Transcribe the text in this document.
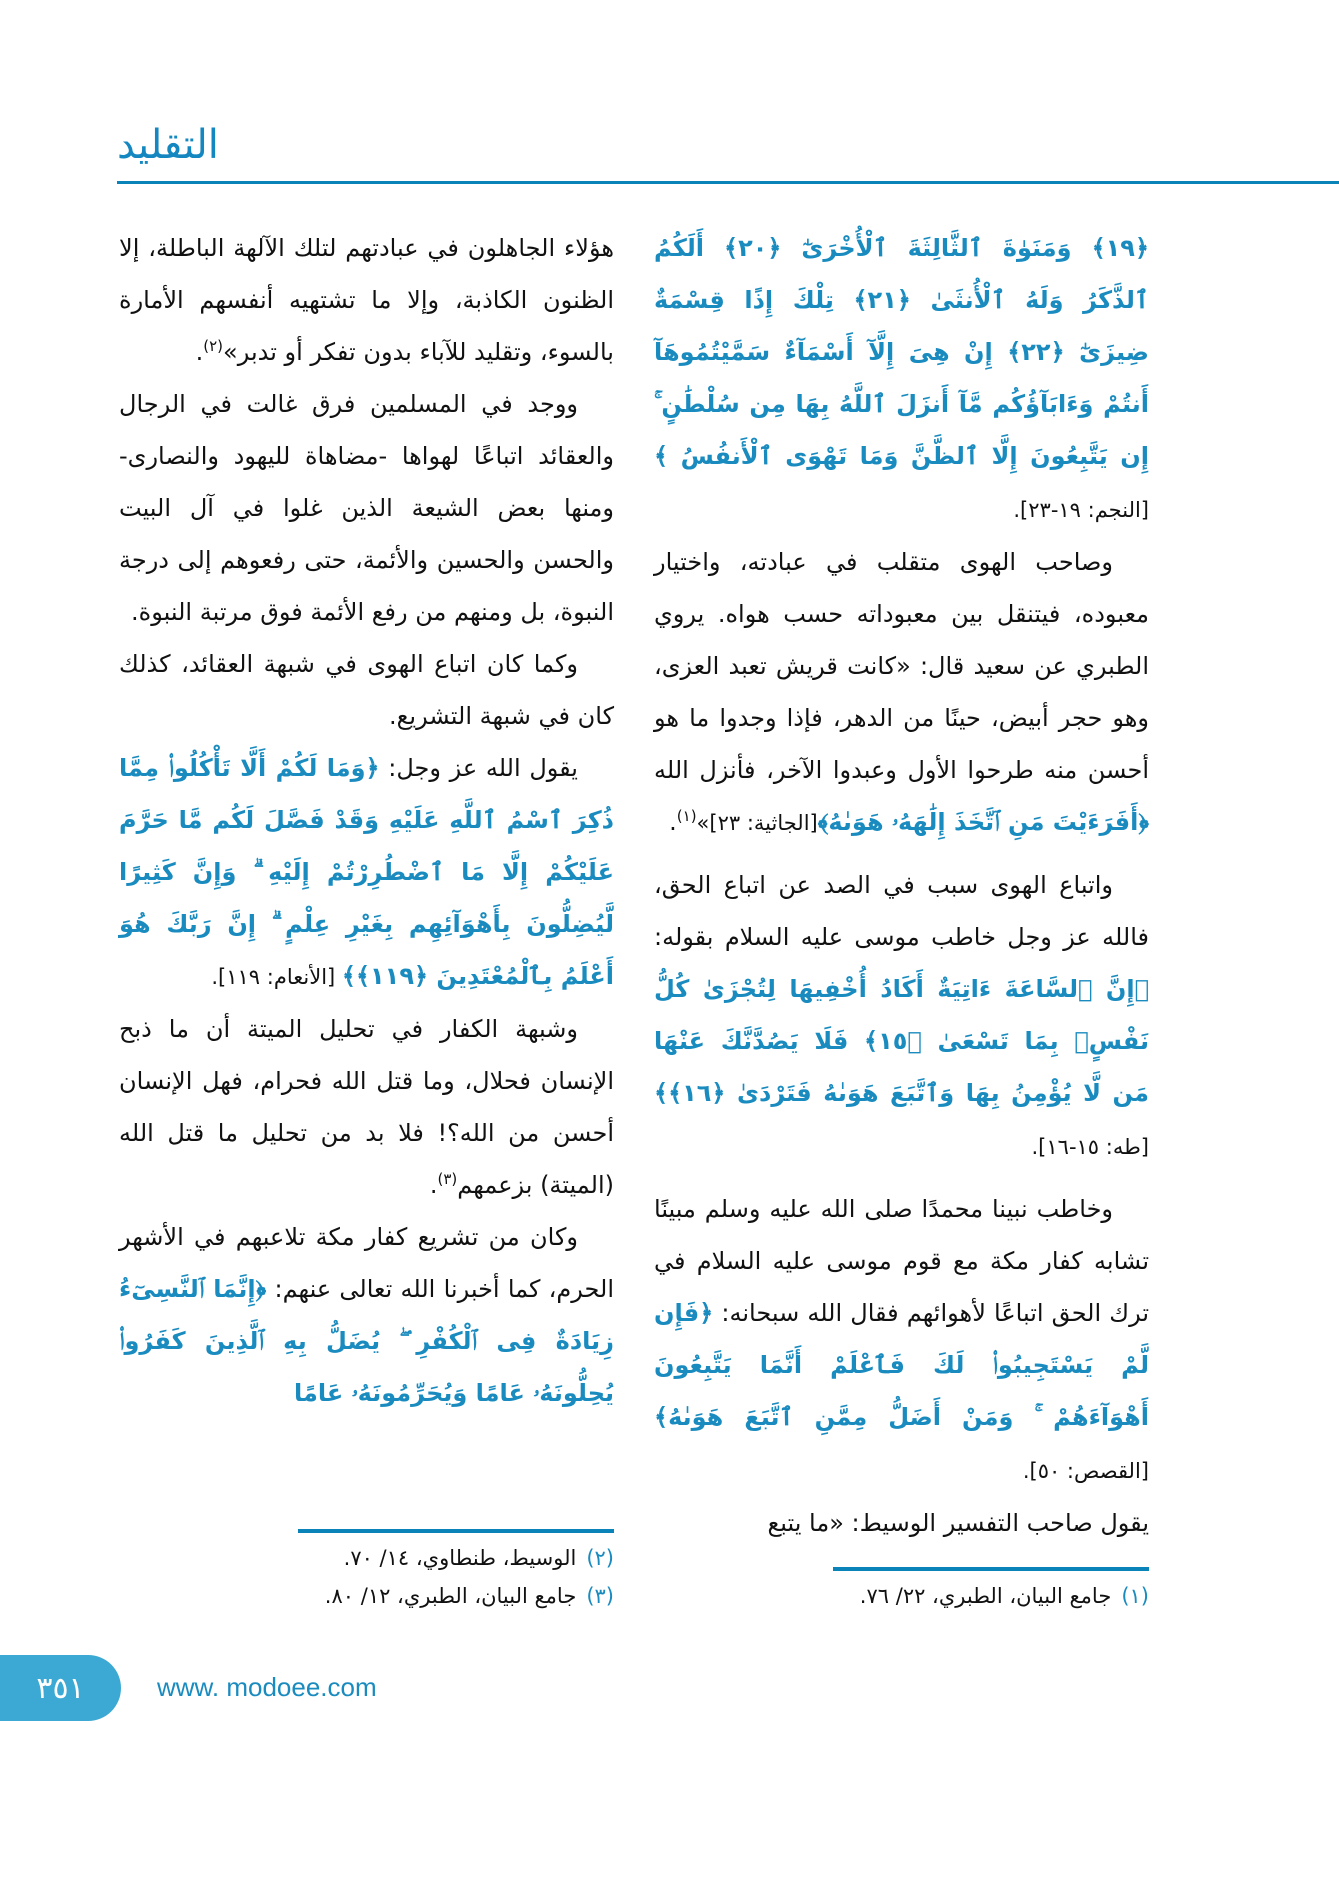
التقليد

هؤلاء الجاهلون في عبادتهم لتلك الآلهة الباطلة، إلا الظنون الكاذبة، وإلا ما تشتهيه أنفسهم الأمارة بالسوء، وتقليد للآباء بدون تفكر أو تدبر»$^{(٢)}$.

ووجد في المسلمين فرق غالت في الرجال والعقائد اتباعًا لهواها -مضاهاة لليهود والنصارى- ومنها بعض الشيعة الذين غلوا في آل البيت والحسن والحسين والأئمة، حتى رفعوهم إلى درجة النبوة، بل ومنهم من رفع الأئمة فوق مرتبة النبوة.

وكما كان اتباع الهوى في شبهة العقائد، كذلك كان في شبهة التشريع.

يقول الله عز وجل: ﴿وَمَا لَكُمْ أَلَّا تَأْكُلُوا۟ مِمَّا ذُكِرَ ٱسْمُ ٱللَّهِ عَلَيْهِ وَقَدْ فَصَّلَ لَكُم مَّا حَرَّمَ عَلَيْكُمْ إِلَّا مَا ٱضْطُرِرْتُمْ إِلَيْهِ ۗ وَإِنَّ كَثِيرًا لَّيُضِلُّونَ بِأَهْوَآئِهِم بِغَيْرِ عِلْمٍ ۗ إِنَّ رَبَّكَ هُوَ أَعْلَمُ بِٱلْمُعْتَدِينَ ﴿١١٩﴾﴾ [الأنعام: ١١٩].

وشبهة الكفار في تحليل الميتة أن ما ذبح الإنسان فحلال، وما قتل الله فحرام، فهل الإنسان أحسن من الله؟! فلا بد من تحليل ما قتل الله (الميتة) بزعمهم$^{(٣)}$.

وكان من تشريع كفار مكة تلاعبهم في الأشهر الحرم، كما أخبرنا الله تعالى عنهم: ﴿إِنَّمَا ٱلنَّسِىٓءُ زِيَادَةٌ فِى ٱلْكُفْرِ ۖ يُضَلُّ بِهِ ٱلَّذِينَ كَفَرُوا۟ يُحِلُّونَهُۥ عَامًا وَيُحَرِّمُونَهُۥ عَامًا

(٢)الوسيط، طنطاوي، ١٤/ ٧٠.
(٣)جامع البيان، الطبري، ١٢/ ٨٠.

﴿١٩﴾ وَمَنَوٰةَ ٱلثَّالِثَةَ ٱلْأُخْرَىٰٓ ﴿٢٠﴾ أَلَكُمُ ٱلذَّكَرُ وَلَهُ ٱلْأُنثَىٰ ﴿٢١﴾ تِلْكَ إِذًا قِسْمَةٌ ضِيزَىٰٓ ﴿٢٢﴾ إِنْ هِىَ إِلَّآ أَسْمَآءٌ سَمَّيْتُمُوهَآ أَنتُمْ وَءَابَآؤُكُم مَّآ أَنزَلَ ٱللَّهُ بِهَا مِن سُلْطَٰنٍ ۚ إِن يَتَّبِعُونَ إِلَّا ٱلظَّنَّ وَمَا تَهْوَى ٱلْأَنفُسُ ﴾ [النجم: ١٩-٢٣].

وصاحب الهوى متقلب في عبادته، واختيار معبوده، فيتنقل بين معبوداته حسب هواه. يروي الطبري عن سعيد قال: «كانت قريش تعبد العزى، وهو حجر أبيض، حينًا من الدهر، فإذا وجدوا ما هو أحسن منه طرحوا الأول وعبدوا الآخر، فأنزل الله ﴿أَفَرَءَيْتَ مَنِ ٱتَّخَذَ إِلَٰهَهُۥ هَوَىٰهُ﴾[الجاثية: ٢٣]»$^{(١)}$.

واتباع الهوى سبب في الصد عن اتباع الحق، فالله عز وجل خاطب موسى عليه السلام بقوله: ﴿إِنَّ ٱلسَّاعَةَ ءَاتِيَةٌ أَكَادُ أُخْفِيهَا لِتُجْزَىٰ كُلُّ نَفْسٍۭ بِمَا تَسْعَىٰ ﴿١٥﴾ فَلَا يَصُدَّنَّكَ عَنْهَا مَن لَّا يُؤْمِنُ بِهَا وَٱتَّبَعَ هَوَىٰهُ فَتَرْدَىٰ ﴿١٦﴾﴾ [طه: ١٥-١٦].

وخاطب نبينا محمدًا صلى الله عليه وسلم مبينًا تشابه كفار مكة مع قوم موسى عليه السلام في ترك الحق اتباعًا لأهوائهم فقال الله سبحانه: ﴿فَإِن لَّمْ يَسْتَجِيبُوا۟ لَكَ فَٱعْلَمْ أَنَّمَا يَتَّبِعُونَ أَهْوَآءَهُمْ ۚ وَمَنْ أَضَلُّ مِمَّنِ ٱتَّبَعَ هَوَىٰهُ﴾ [القصص: ٥٠].

يقول صاحب التفسير الوسيط: «ما يتبع

(١)جامع البيان، الطبري، ٢٢/ ٧٦.
٣٥١	www. modoee.com
